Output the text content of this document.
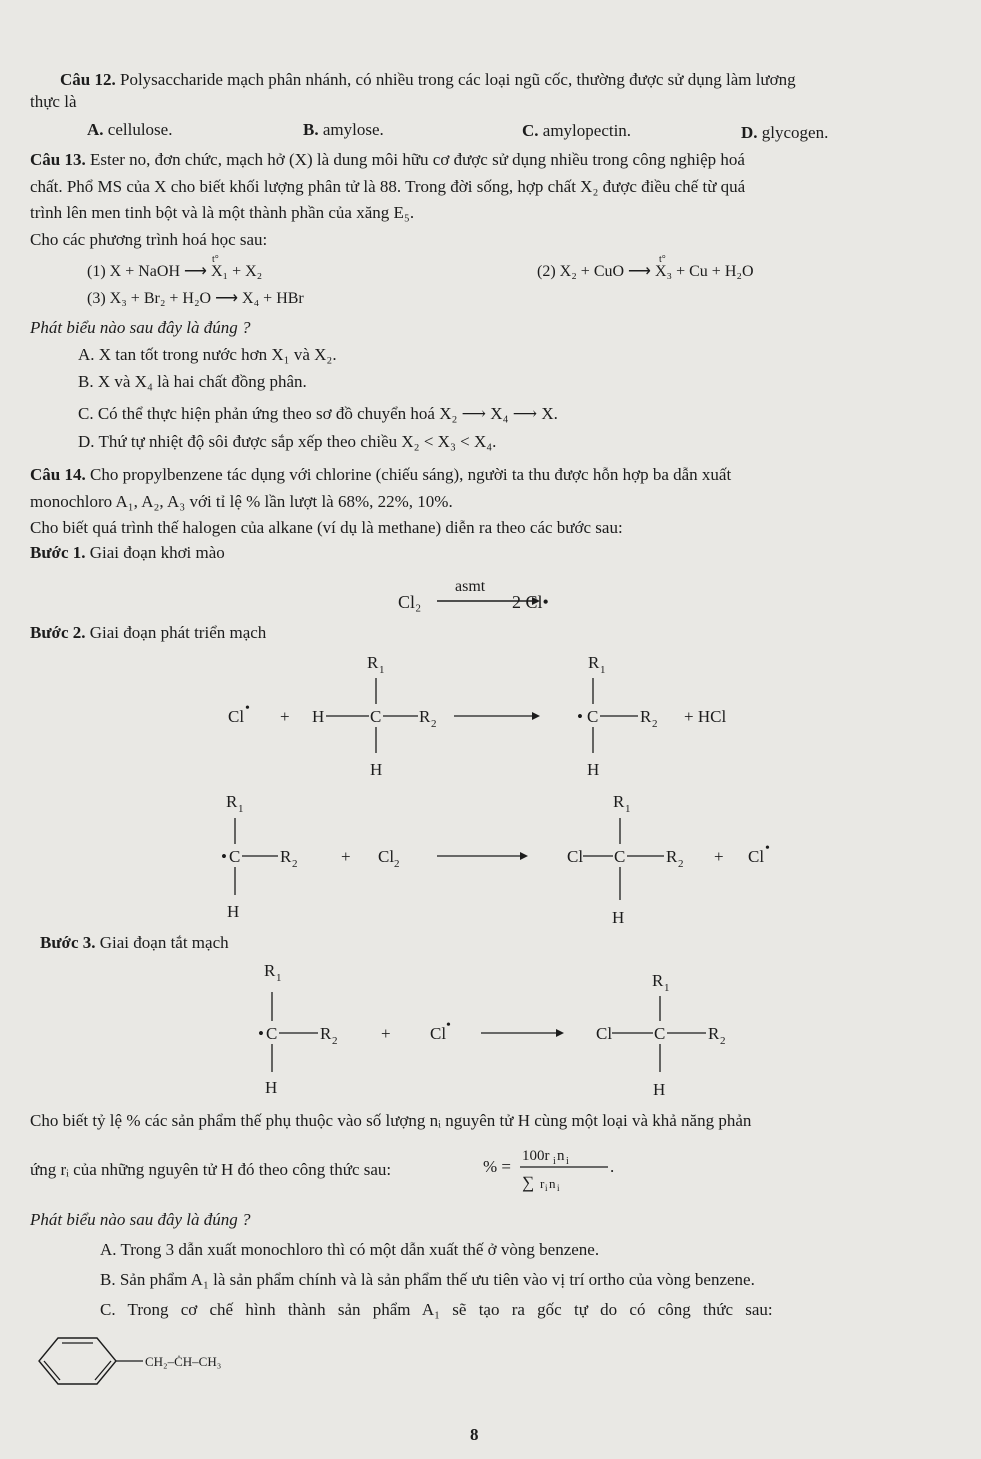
Câu 12. Polysaccharide mạch phân nhánh, có nhiều trong các loại ngũ cốc, thường được sử dụng làm lương
thực là
A. cellulose.	B. amylose.	C. amylopectin.	D. glycogen.
Câu 13. Ester no, đơn chức, mạch hở (X) là dung môi hữu cơ được sử dụng nhiều trong công nghiệp hoá
chất. Phổ MS của X cho biết khối lượng phân tử là 88. Trong đời sống, hợp chất X₂ được điều chế từ quá
trình lên men tinh bột và là một thành phần của xăng E₅.
Cho các phương trình hoá học sau:
(1) X + NaOH ⟶ X₁ + X₂
t°
(2) X₂ + CuO ⟶ X₃ + Cu + H₂O
t°
(3) X₃ + Br₂ + H₂O ⟶ X₄ + HBr
Phát biểu nào sau đây là đúng ?
A. X tan tốt trong nước hơn X₁ và X₂.
B. X và X₄ là hai chất đồng phân.
C. Có thể thực hiện phản ứng theo sơ đồ chuyển hoá X₂ ⟶ X₄ ⟶ X.
D. Thứ tự nhiệt độ sôi được sắp xếp theo chiều X₂ < X₃ < X₄.
Câu 14. Cho propylbenzene tác dụng với chlorine (chiếu sáng), người ta thu được hỗn hợp ba dẫn xuất
monochloro A₁, A₂, A₃ với tỉ lệ % lần lượt là 68%, 22%, 10%.
Cho biết quá trình thế halogen của alkane (ví dụ là methane) diễn ra theo các bước sau:
Bước 1. Giai đoạn khơi mào
Cl₂
asmt
Cl • + H	C R 2
R 1
H
• C R 2
R 1
H
+ HCl
• C R 2
R 1
H
+ Cl 2	Cl C R 2
R 1
H
+ Cl •
• C	R 2
R 1
H
+ Cl •	Cl C	R 2
R 1
H
% =
100r i n i
∑ r i n i
.
Bước 2. Giai đoạn phát triển mạch
2 Cl•
Bước 3. Giai đoạn tắt mạch
Cho biết tỷ lệ % các sản phẩm thế phụ thuộc vào số lượng nᵢ nguyên tử H cùng một loại và khả năng phản
ứng rᵢ của những nguyên tử H đó theo công thức sau:
Phát biểu nào sau đây là đúng ?
A. Trong 3 dẫn xuất monochloro thì có một dẫn xuất thế ở vòng benzene.
B. Sản phẩm A₁ là sản phẩm chính và là sản phẩm thế ưu tiên vào vị trí ortho của vòng benzene.
C. Trong cơ chế hình thành sản phẩm A₁ sẽ tạo ra gốc tự do có công thức sau:
CH₂–ĊH–CH₃
8
